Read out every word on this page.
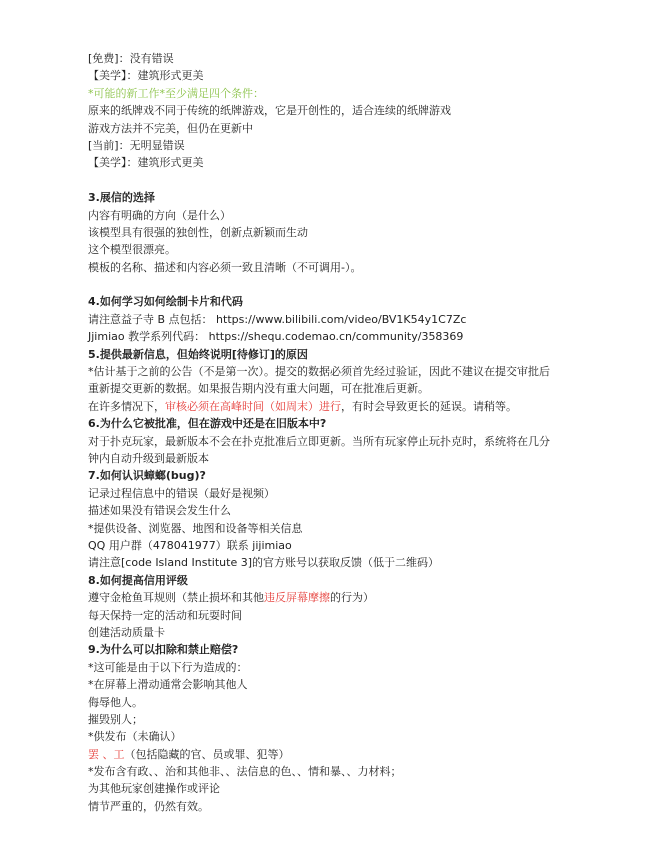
[免费]：没有错误
【美学】：建筑形式更美
*可能的新工作*至少满足四个条件：
原来的纸牌戏不同于传统的纸牌游戏，它是开创性的，适合连续的纸牌游戏
游戏方法并不完美，但仍在更新中
[当前]：无明显错误
【美学】：建筑形式更美
3.展信的选择
内容有明确的方向（是什么）
该模型具有很强的独创性，创新点新颖而生动
这个模型很漂亮。
模板的名称、描述和内容必须一致且清晰（不可调用-）。
4.如何学习如何绘制卡片和代码
请注意益子寺 B 点包括： https://www.bilibili.com/video/BV1K54y1C7Zc
Jjimiao 教学系列代码： https://shequ.codemao.cn/community/358369
5.提供最新信息，但始终说明[待修订]的原因
*估计基于之前的公告（不是第一次）。提交的数据必须首先经过验证，因此不建议在提交审批后重新提交更新的数据。如果报告期内没有重大问题，可在批准后更新。
在许多情况下，审核必须在高峰时间（如周末）进行，有时会导致更长的延误。请稍等。
6.为什么它被批准，但在游戏中还是在旧版本中?
对于扑克玩家，最新版本不会在扑克批准后立即更新。当所有玩家停止玩扑克时，系统将在几分钟内自动升级到最新版本
7.如何认识蟑螂(bug)?
记录过程信息中的错误（最好是视频）
描述如果没有错误会发生什么
*提供设备、浏览器、地图和设备等相关信息
QQ 用户群（478041977）联系 jijimiao
请注意[code Island Institute 3]的官方账号以获取反馈（低于二维码）
8.如何提高信用评级
遵守金枪鱼耳规则（禁止损坏和其他违反屏幕摩擦的行为）
每天保持一定的活动和玩耍时间
创建活动质量卡
9.为什么可以扣除和禁止赔偿?
*这可能是由于以下行为造成的：
*在屏幕上滑动通常会影响其他人
侮辱他人。
摧毁别人；
*供发布（未确认）
罢 、工（包括隐藏的官、员或罪、犯等）
*发布含有政、、治和其他非、、法信息的色、、情和暴、、力材料；
为其他玩家创建操作或评论
情节严重的，仍然有效。
